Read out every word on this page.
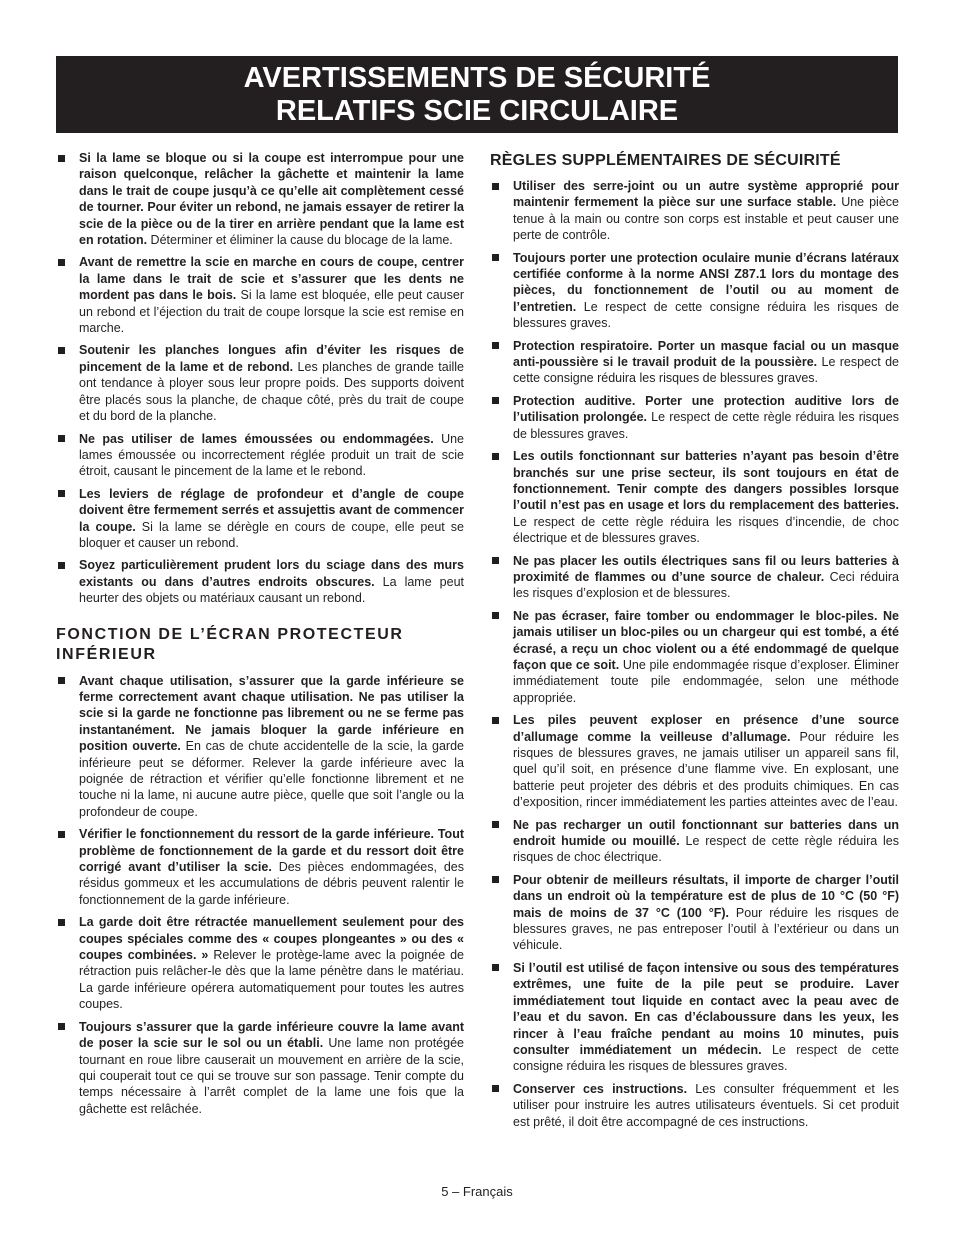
AVERTISSEMENTS DE SÉCURITÉ
RELATIFS SCIE CIRCULAIRE
Si la lame se bloque ou si la coupe est interrompue pour une raison quelconque, relâcher la gâchette et maintenir la lame dans le trait de coupe jusqu’à ce qu’elle ait complètement cessé de tourner. Pour éviter un rebond, ne jamais essayer de retirer la scie de la pièce ou de la tirer en arrière pendant que la lame est en rotation. Déterminer et éliminer la cause du blocage de la lame.
Avant de remettre la scie en marche en cours de coupe, centrer la lame dans le trait de scie et s’assurer que les dents ne mordent pas dans le bois. Si la lame est bloquée, elle peut causer un rebond et l’éjection du trait de coupe lorsque la scie est remise en marche.
Soutenir les planches longues afin d’éviter les risques de pincement de la lame et de rebond. Les planches de grande taille ont tendance à ployer sous leur propre poids. Des supports doivent être placés sous la planche, de chaque côté, près du trait de coupe et du bord de la planche.
Ne pas utiliser de lames émoussées ou endommagées. Une lames émoussée ou incorrectement réglée produit un trait de scie étroit, causant le pincement de la lame et le rebond.
Les leviers de réglage de profondeur et d’angle de coupe doivent être fermement serrés et assujettis avant de commencer la coupe. Si la lame se dérègle en cours de coupe, elle peut se bloquer et causer un rebond.
Soyez particulièrement prudent lors du sciage dans des murs existants ou dans d’autres endroits obscures. La lame peut heurter des objets ou matériaux causant un rebond.
FONCTION DE L’ÉCRAN PROTECTEUR INFÉRIEUR
Avant chaque utilisation, s’assurer que la garde inférieure se ferme correctement avant chaque utilisation. Ne pas utiliser la scie si la garde ne fonctionne pas librement ou ne se ferme pas instantanément. Ne jamais bloquer la garde inférieure en position ouverte. En cas de chute accidentelle de la scie, la garde inférieure peut se déformer. Relever la garde inférieure avec la poignée de rétraction et vérifier qu’elle fonctionne librement et ne touche ni la lame, ni aucune autre pièce, quelle que soit l’angle ou la profondeur de coupe.
Vérifier le fonctionnement du ressort de la garde inférieure. Tout problème de fonctionnement de la garde et du ressort doit être corrigé avant d’utiliser la scie. Des pièces endommagées, des résidus gommeux et les accumulations de débris peuvent ralentir le fonctionnement de la garde inférieure.
La garde doit être rétractée manuellement seulement pour des coupes spéciales comme des « coupes plongeantes » ou des « coupes combinées. » Relever le protège-lame avec la poignée de rétraction puis relâcher-le dès que la lame pénètre dans le matériau. La garde inférieure opérera automatiquement pour toutes les autres coupes.
Toujours s’assurer que la garde inférieure couvre la lame avant de poser la scie sur le sol ou un établi. Une lame non protégée tournant en roue libre causerait un mouvement en arrière de la scie, qui couperait tout ce qui se trouve sur son passage. Tenir compte du temps nécessaire à l’arrêt complet de la lame une fois que la gâchette est relâchée.
RÈGLES SUPPLÉMENTAIRES DE SÉCUIRITÉ
Utiliser des serre-joint ou un autre système approprié pour maintenir fermement la pièce sur une surface stable. Une pièce tenue à la main ou contre son corps est instable et peut causer une perte de contrôle.
Toujours porter une protection oculaire munie d’écrans latéraux certifiée conforme à la norme ANSI Z87.1 lors du montage des pièces, du fonctionnement de l’outil ou au moment de l’entretien. Le respect de cette consigne réduira les risques de blessures graves.
Protection respiratoire. Porter un masque facial ou un masque anti-poussière si le travail produit de la poussière. Le respect de cette consigne réduira les risques de blessures graves.
Protection auditive. Porter une protection auditive lors de l’utilisation prolongée. Le respect de cette règle réduira les risques de blessures graves.
Les outils fonctionnant sur batteries n’ayant pas besoin d’être branchés sur une prise secteur, ils sont toujours en état de fonctionnement. Tenir compte des dangers possibles lorsque l’outil n’est pas en usage et lors du remplacement des batteries. Le respect de cette règle réduira les risques d’incendie, de choc électrique et de blessures graves.
Ne pas placer les outils électriques sans fil ou leurs batteries à proximité de flammes ou d’une source de chaleur. Ceci réduira les risques d’explosion et de blessures.
Ne pas écraser, faire tomber ou endommager le bloc-piles. Ne jamais utiliser un bloc-piles ou un chargeur qui est tombé, a été écrasé, a reçu un choc violent ou a été endommagé de quelque façon que ce soit. Une pile endommagée risque d’exploser. Éliminer immédiatement toute pile endommagée, selon une méthode appropriée.
Les piles peuvent exploser en présence d’une source d’allumage comme la veilleuse d’allumage. Pour réduire les risques de blessures graves, ne jamais utiliser un appareil sans fil, quel qu’il soit, en présence d’une flamme vive. En explosant, une batterie peut projeter des débris et des produits chimiques. En cas d’exposition, rincer immédiatement les parties atteintes avec de l’eau.
Ne pas recharger un outil fonctionnant sur batteries dans un endroit humide ou mouillé. Le respect de cette règle réduira les risques de choc électrique.
Pour obtenir de meilleurs résultats, il importe de charger l’outil dans un endroit où la température est de plus de 10 °C (50 °F) mais de moins de 37 °C (100 °F). Pour réduire les risques de blessures graves, ne pas entreposer l’outil à l’extérieur ou dans un véhicule.
Si l’outil est utilisé de façon intensive ou sous des températures extrêmes, une fuite de la pile peut se produire. Laver immédiatement tout liquide en contact avec la peau avec de l’eau et du savon. En cas d’éclaboussure dans les yeux, les rincer à l’eau fraîche pendant au moins 10 minutes, puis consulter immédiatement un médecin. Le respect de cette consigne réduira les risques de blessures graves.
Conserver ces instructions. Les consulter fréquemment et les utiliser pour instruire les autres utilisateurs éventuels. Si cet produit est prêté, il doit être accompagné de ces instructions.
5 – Français
